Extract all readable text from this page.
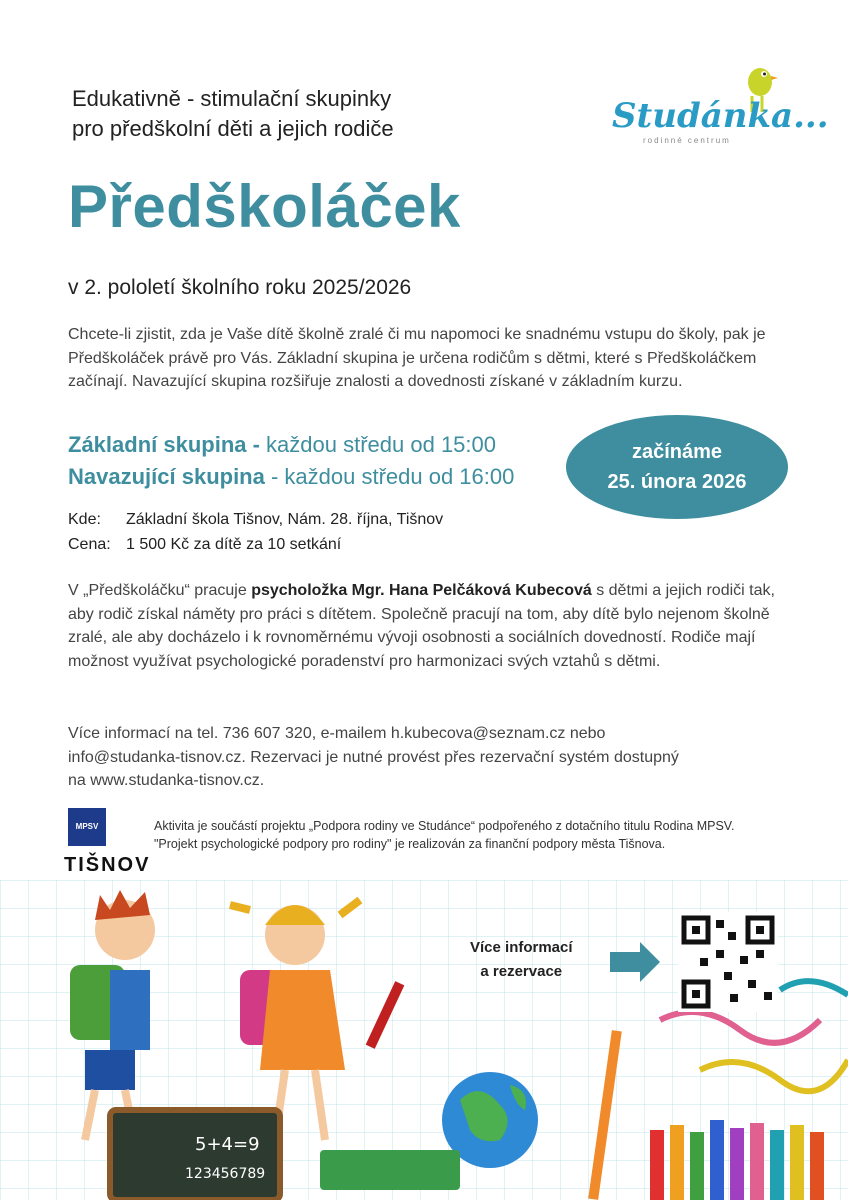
Edukativně - stimulační skupinky
pro předškolní děti a jejich rodiče	Studánka...
rodinné centrum
Předškoláček
v 2. pololetí školního roku 2025/2026
Chcete-li zjistit, zda je Vaše dítě školně zralé či mu napomoci ke snadnému vstupu do školy, pak je Předškoláček právě pro Vás. Základní skupina je určena rodičům s dětmi, které s Předškoláčkem začínají. Navazující skupina rozšiřuje znalosti a dovednosti získané v základním kurzu.
Základní skupina - každou středu od 15:00
Navazující skupina - každou středu od 16:00
začínáme
25. února 2026
Kde: Základní škola Tišnov, Nám. 28. října, Tišnov
Cena: 1 500 Kč za dítě za 10 setkání
V „Předškoláčku“ pracuje psycholožka Mgr. Hana Pelčáková Kubecová s dětmi a jejich rodiči tak, aby rodič získal náměty pro práci s dítětem. Společně pracují na tom, aby dítě bylo nejenom školně zralé, ale aby docházelo i k rovnoměrnému vývoji osobnosti a sociálních dovedností. Rodiče mají možnost využívat psychologické poradenství pro harmonizaci svých vztahů s dětmi.
Více informací na tel. 736 607 320, e-mailem h.kubecova@seznam.cz nebo
info@studanka-tisnov.cz. Rezervaci je nutné provést přes rezervační systém dostupný
na www.studanka-tisnov.cz.
MPSV
TIŠNOV

Aktivita je součástí projektu „Podpora rodiny ve Studánce“ podpořeného z dotačního titulu Rodina MPSV.

"Projekt psychologické podpory pro rodiny" je realizován za finanční podpory města Tišnova.

5+4=9
123456789
Více informací
a rezervace
